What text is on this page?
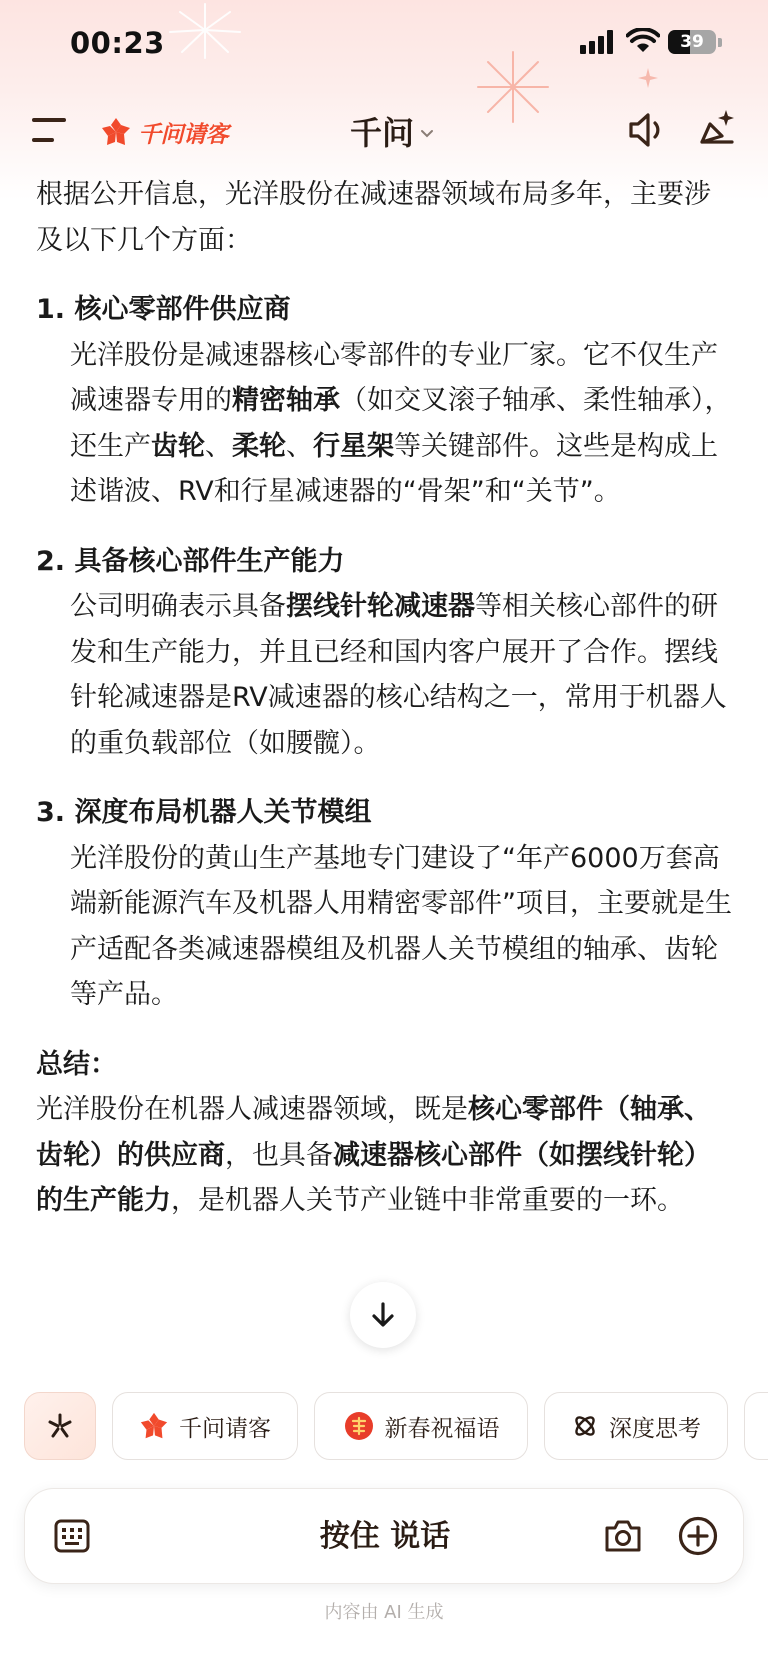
00:23	39
千问请客	千问

根据公开信息，光洋股份在减速器领域布局多年，主要涉及以下几个方面：

1. 核心零部件供应商

光洋股份是减速器核心零部件的专业厂家。它不仅生产减速器专用的精密轴承（如交叉滚子轴承、柔性轴承），还生产齿轮、柔轮、行星架等关键部件。这些是构成上述谐波、RV和行星减速器的“骨架”和“关节”。

2. 具备核心部件生产能力

公司明确表示具备摆线针轮减速器等相关核心部件的研发和生产能力，并且已经和国内客户展开了合作。摆线针轮减速器是RV减速器的核心结构之一，常用于机器人的重负载部位（如腰髋）。

3. 深度布局机器人关节模组

光洋股份的黄山生产基地专门建设了“年产6000万套高端新能源汽车及机器人用精密零部件”项目，主要就是生产适配各类减速器模组及机器人关节模组的轴承、齿轮等产品。

总结：

光洋股份在机器人减速器领域，既是核心零部件（轴承、齿轮）的供应商，也具备减速器核心部件（如摆线针轮）的生产能力，是机器人关节产业链中非常重要的一环。

千问请客	新春祝福语	深度思考
按住 说话
内容由 AI 生成
